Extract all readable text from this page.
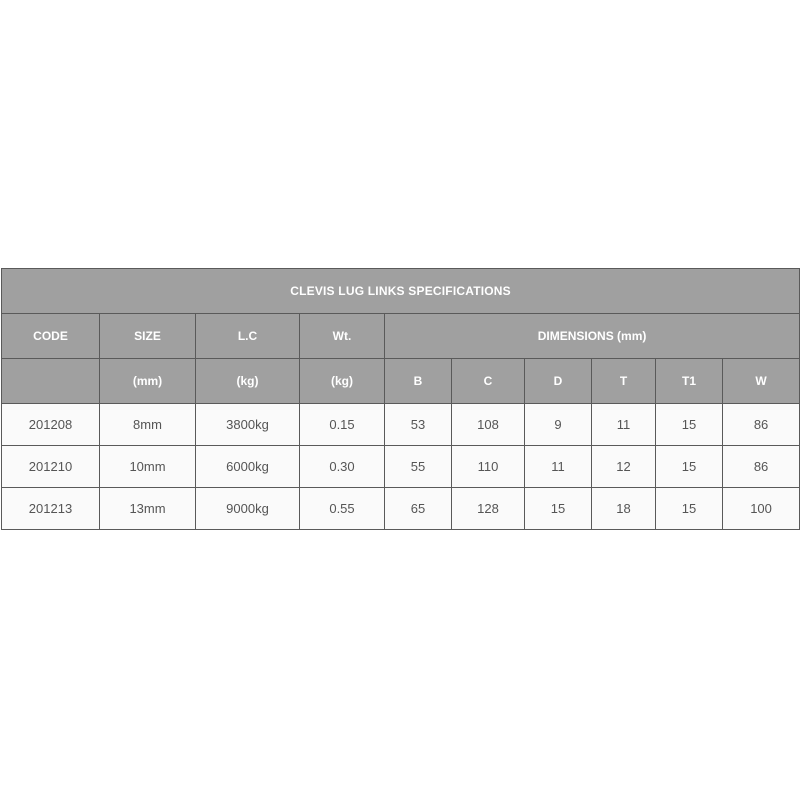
CLEVIS LUG LINKS SPECIFICATIONS									
CODE	SIZE	L.C	Wt.	DIMENSIONS (mm)					
	(mm)	(kg)	(kg)	B	C	D	T	T1	W
201208	8mm	3800kg	0.15	53	108	9	11	15	86
201210	10mm	6000kg	0.30	55	110	11	12	15	86
201213	13mm	9000kg	0.55	65	128	15	18	15	100
